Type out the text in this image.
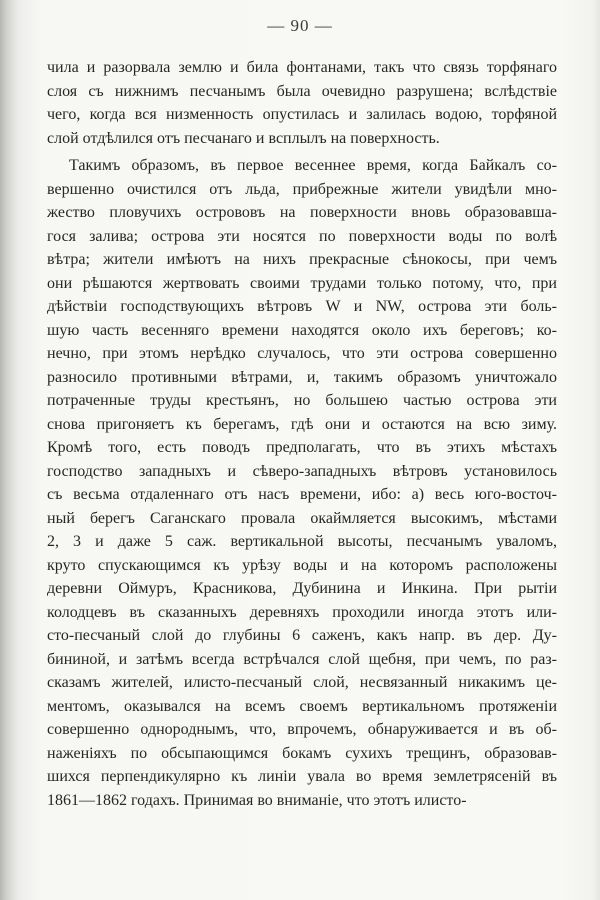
— 90 —
чила и разорвала землю и била фонтанами, такъ что связь торфянаго
слоя съ нижнимъ песчанымъ была очевидно разрушена; вслѣдствіе
чего, когда вся низменность опустилась и залилась водою, торфяной
слой отдѣлился отъ песчанаго и всплылъ на поверхность.
Такимъ образомъ, въ первое весеннее время, когда Байкалъ со-
вершенно очистился отъ льда, прибрежные жители увидѣли мно-
жество пловучихъ острововъ на поверхности вновь образовавша-
гося залива; острова эти носятся по поверхности воды по волѣ
вѣтра; жители имѣютъ на нихъ прекрасные сѣнокосы, при чемъ
они рѣшаются жертвовать своими трудами только потому, что, при
дѣйствіи господствующихъ вѣтровъ W и NW, острова эти боль-
шую часть весенняго времени находятся около ихъ береговъ; ко-
нечно, при этомъ нерѣдко случалось, что эти острова совершенно
разносило противными вѣтрами, и, такимъ образомъ уничтожало
потраченные труды крестьянъ, но большею частью острова эти
снова пригоняетъ къ берегамъ, гдѣ они и остаются на всю зиму.
Кромѣ того, есть поводъ предполагать, что въ этихъ мѣстахъ
господство западныхъ и сѣверо-западныхъ вѣтровъ установилось
съ весьма отдаленнаго отъ насъ времени, ибо: а) весь юго-восточ-
ный берегъ Саганскаго провала окаймляется высокимъ, мѣстами
2, 3 и даже 5 саж. вертикальной высоты, песчанымъ уваломъ,
круто спускающимся къ урѣзу воды и на которомъ расположены
деревни Оймуръ, Красникова, Дубинина и Инкина. При рытіи
колодцевъ въ сказанныхъ деревняхъ проходили иногда этотъ или-
сто-песчаный слой до глубины 6 саженъ, какъ напр. въ дер. Ду-
бининой, и затѣмъ всегда встрѣчался слой щебня, при чемъ, по раз-
сказамъ жителей, илисто-песчаный слой, несвязанный никакимъ це-
ментомъ, оказывался на всемъ своемъ вертикальномъ протяженіи
совершенно однороднымъ, что, впрочемъ, обнаруживается и въ об-
наженіяхъ по обсыпающимся бокамъ сухихъ трещинъ, образовав-
шихся перпендикулярно къ линіи увала во время землетрясеній въ
1861—1862 годахъ. Принимая во вниманіе, что этотъ илисто-
